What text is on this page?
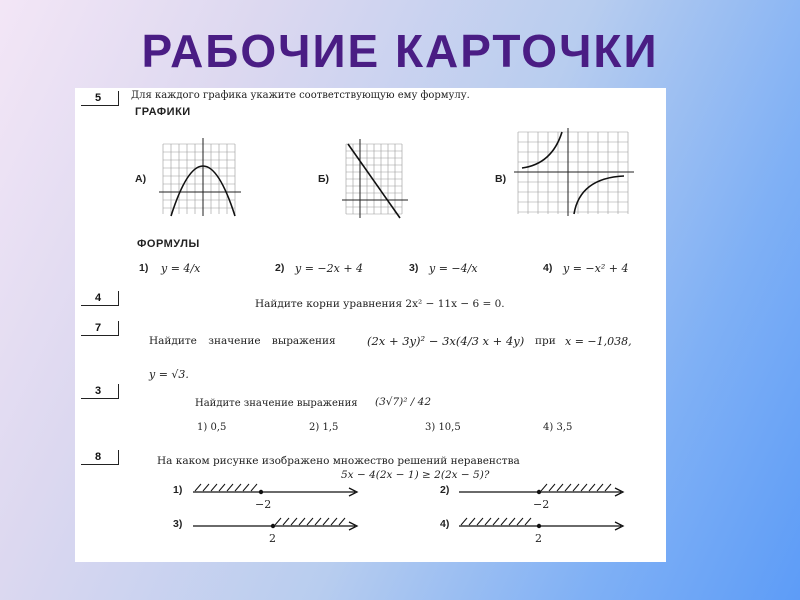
РАБОЧИЕ КАРТОЧКИ
5	Для каждого графика укажите соответствующую ему формулу.
ГРАФИКИ
А)	Б)	В)
ФОРМУЛЫ
1) y = 4/x	2) y = −2x + 4	3) y = −4/x	4) y = −x² + 4
4	Найдите корни уравнения 2x² − 11x − 6 = 0.
7
Найдите значение выражения	(2x + 3y)² − 3x(4/3 x + 4y) при x = −1,038,
y = √3.
3
Найдите значение выражения (3√7)² / 42
1) 0,5	2) 1,5	3) 10,5	4) 3,5
8	На каком рисунке изображено множество решений неравенства
5x − 4(2x − 1) ≥ 2(2x − 5)?
1)
−2
2)
−2
3)
2
4)
2
